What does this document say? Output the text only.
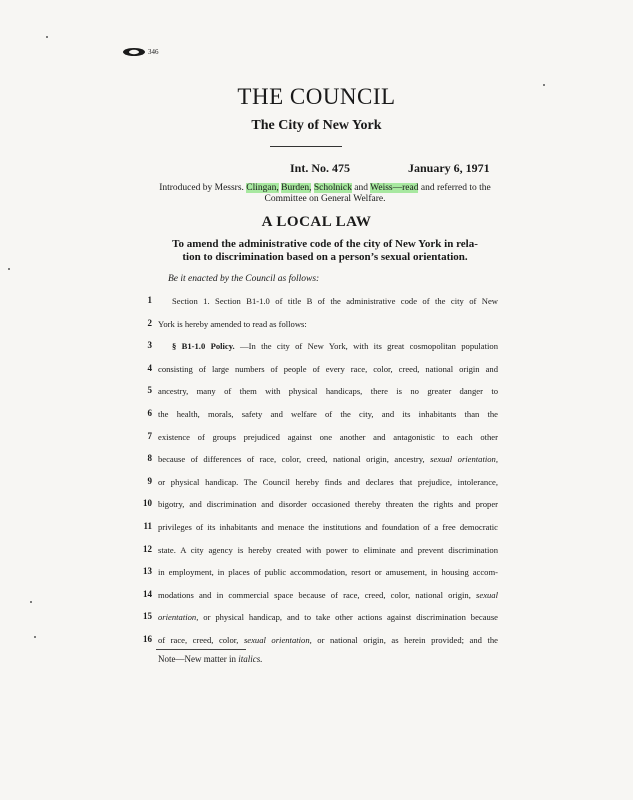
346
THE COUNCIL
The City of New York
Int. No. 475	January 6, 1971
Introduced by Messrs. Clingan, Burden, Scholnick and Weiss—read and referred to the
Committee on General Welfare.
A LOCAL LAW
To amend the administrative code of the city of New York in rela-
tion to discrimination based on a person’s sexual orientation.
Be it enacted by the Council as follows:
1 Section 1. Section B1-1.0 of title B of the administrative code of the city of New
2 York is hereby amended to read as follows:
3 § B1-1.0 Policy. —In the city of New York, with its great cosmopolitan population
4 consisting of large numbers of people of every race, color, creed, national origin and
5 ancestry, many of them with physical handicaps, there is no greater danger to
6 the health, morals, safety and welfare of the city, and its inhabitants than the
7 existence of groups prejudiced against one another and antagonistic to each other
8 because of differences of race, color, creed, national origin, ancestry, sexual orientation,
9 or physical handicap. The Council hereby finds and declares that prejudice, intolerance,
10 bigotry, and discrimination and disorder occasioned thereby threaten the rights and proper
11 privileges of its inhabitants and menace the institutions and foundation of a free democratic
12 state. A city agency is hereby created with power to eliminate and prevent discrimination
13 in employment, in places of public accommodation, resort or amusement, in housing accom-
14 modations and in commercial space because of race, creed, color, national origin, sexual
15 orientation, or physical handicap, and to take other actions against discrimination because
16 of race, creed, color, sexual orientation, or national origin, as herein provided; and the
Note—New matter in italics.
